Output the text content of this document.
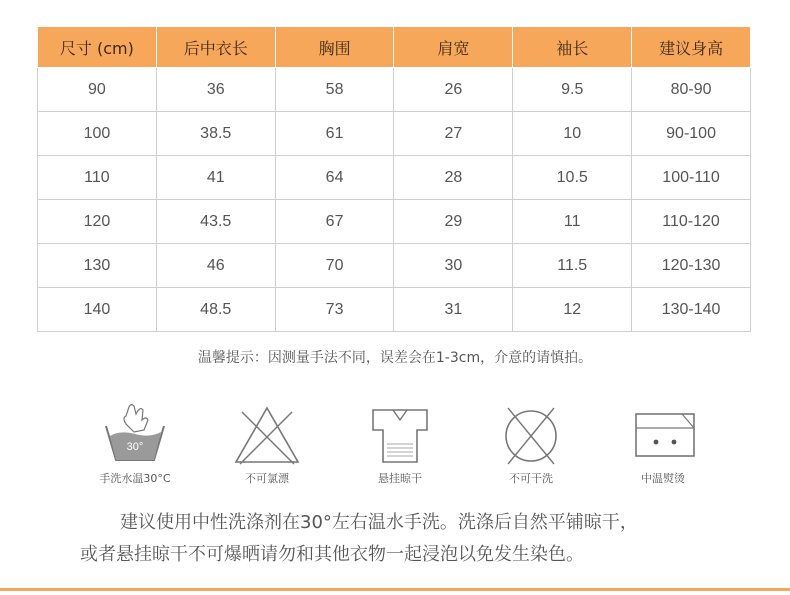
尺寸 (cm)	后中衣长	胸围	肩宽	袖长	建议身高
90	36	58	26	9.5	80-90
100	38.5	61	27	10	90-100
110	41	64	28	10.5	100-110
120	43.5	67	29	11	110-120
130	46	70	30	11.5	120-130
140	48.5	73	31	12	130-140
温馨提示：因测量手法不同，误差会在1-3cm，介意的请慎拍。
30°
手洗水温30°C	不可氯漂	悬挂晾干	不可干洗	中温熨烫
建议使用中性洗涤剂在30°左右温水手洗。洗涤后自然平铺晾干，
或者悬挂晾干不可爆晒请勿和其他衣物一起浸泡以免发生染色。
